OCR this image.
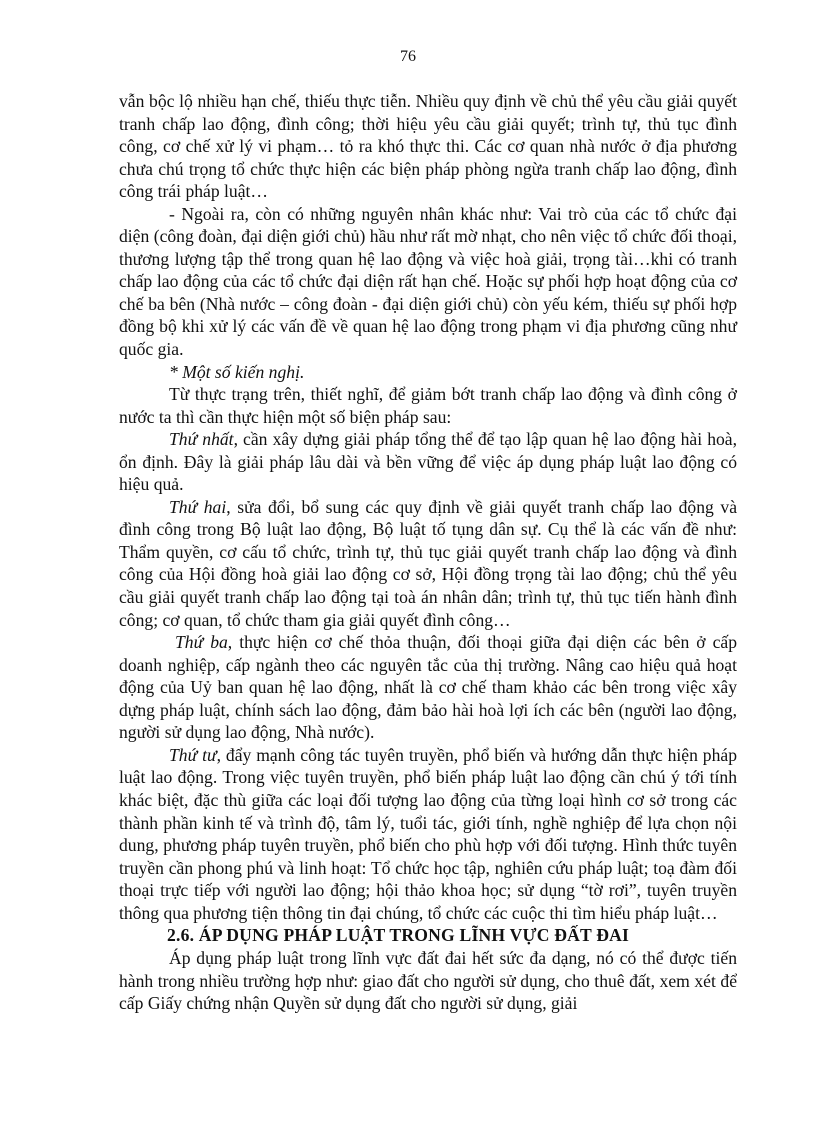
76

vẫn bộc lộ nhiều hạn chế, thiếu thực tiễn. Nhiều quy định về chủ thể yêu cầu giải quyết tranh chấp lao động, đình công; thời hiệu yêu cầu giải quyết; trình tự, thủ tục đình công, cơ chế xử lý vi phạm… tỏ ra khó thực thi. Các cơ quan nhà nước ở địa phương chưa chú trọng tổ chức thực hiện các biện pháp phòng ngừa tranh chấp lao động, đình công trái pháp luật…

- Ngoài ra, còn có những nguyên nhân khác như: Vai trò của các tổ chức đại diện (công đoàn, đại diện giới chủ) hầu như rất mờ nhạt, cho nên việc tổ chức đối thoại, thương lượng tập thể trong quan hệ lao động và việc hoà giải, trọng tài…khi có tranh chấp lao động của các tổ chức đại diện rất hạn chế. Hoặc sự phối hợp hoạt động của cơ chế ba bên (Nhà nước – công đoàn - đại diện giới chủ) còn yếu kém, thiếu sự phối hợp đồng bộ khi xử lý các vấn đề về quan hệ lao động trong phạm vi địa phương cũng như quốc gia.

* Một số kiến nghị.

Từ thực trạng trên, thiết nghĩ, để giảm bớt tranh chấp lao động và đình công ở nước ta thì cần thực hiện một số biện pháp sau:

Thứ nhất, cần xây dựng giải pháp tổng thể để tạo lập quan hệ lao động hài hoà, ổn định. Đây là giải pháp lâu dài và bền vững để việc áp dụng pháp luật lao động có hiệu quả.

Thứ hai, sửa đổi, bổ sung các quy định về giải quyết tranh chấp lao động và đình công trong Bộ luật lao động, Bộ luật tố tụng dân sự. Cụ thể là các vấn đề như: Thẩm quyền, cơ cấu tổ chức, trình tự, thủ tục giải quyết tranh chấp lao động và đình công của Hội đồng hoà giải lao động cơ sở, Hội đồng trọng tài lao động; chủ thể yêu cầu giải quyết tranh chấp lao động tại toà án nhân dân; trình tự, thủ tục tiến hành đình công; cơ quan, tổ chức tham gia giải quyết đình công…

Thứ ba, thực hiện cơ chế thỏa thuận, đối thoại giữa đại diện các bên ở cấp doanh nghiệp, cấp ngành theo các nguyên tắc của thị trường. Nâng cao hiệu quả hoạt động của Uỷ ban quan hệ lao động, nhất là cơ chế tham khảo các bên trong việc xây dựng pháp luật, chính sách lao động, đảm bảo hài hoà lợi ích các bên (người lao động, người sử dụng lao động, Nhà nước).

Thứ tư, đẩy mạnh công tác tuyên truyền, phổ biến và hướng dẫn thực hiện pháp luật lao động. Trong việc tuyên truyền, phổ biến pháp luật lao động cần chú ý tới tính khác biệt, đặc thù giữa các loại đối tượng lao động của từng loại hình cơ sở trong các thành phần kinh tế và trình độ, tâm lý, tuổi tác, giới tính, nghề nghiệp để lựa chọn nội dung, phương pháp tuyên truyền, phổ biến cho phù hợp với đối tượng. Hình thức tuyên truyền cần phong phú và linh hoạt: Tổ chức học tập, nghiên cứu pháp luật; toạ đàm đối thoại trực tiếp với người lao động; hội thảo khoa học; sử dụng “tờ rơi”, tuyên truyền thông qua phương tiện thông tin đại chúng, tổ chức các cuộc thi tìm hiểu pháp luật…

2.6. ÁP DỤNG PHÁP LUẬT TRONG LĨNH VỰC ĐẤT ĐAI

Áp dụng pháp luật trong lĩnh vực đất đai hết sức đa dạng, nó có thể được tiến hành trong nhiều trường hợp như: giao đất cho người sử dụng, cho thuê đất, xem xét để cấp Giấy chứng nhận Quyền sử dụng đất cho người sử dụng, giải
